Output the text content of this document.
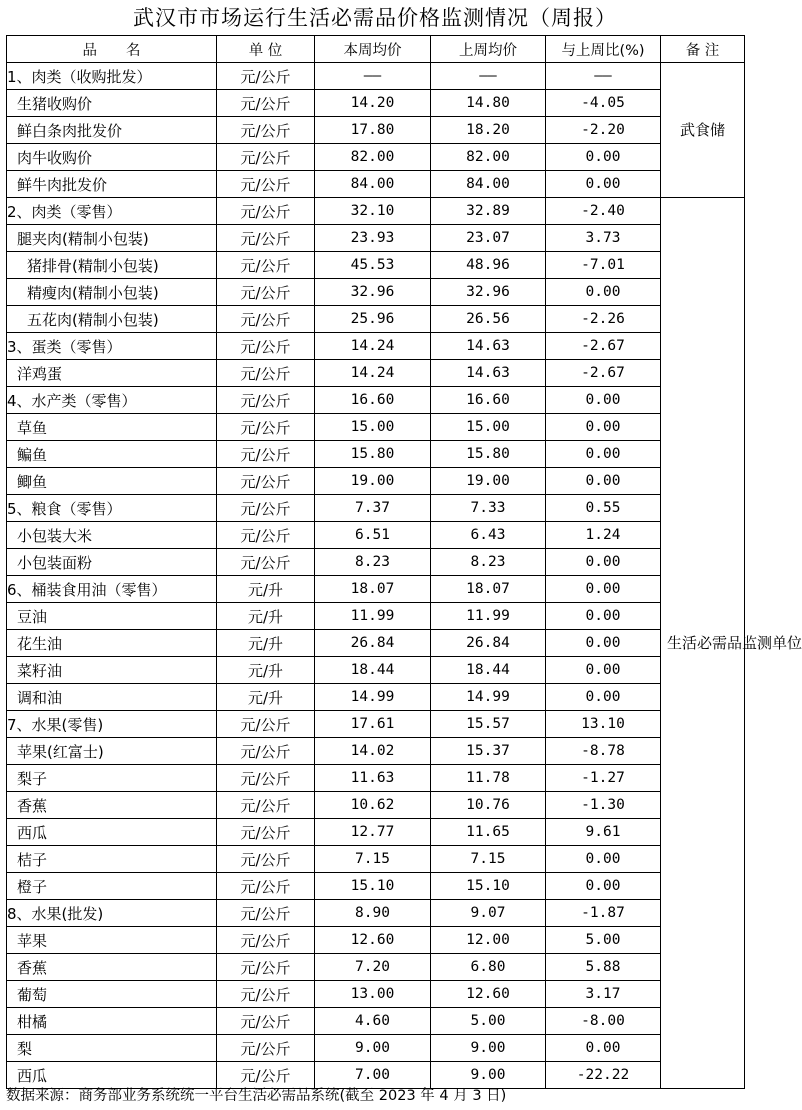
武汉市市场运行生活必需品价格监测情况（周报）
品　　名	单 位	本周均价	上周均价	与上周比(%)	备 注
1、肉类（收购批发）	元/公斤	——	——	——	武食储
生猪收购价	元/公斤	14.20	14.80	-4.05	
鲜白条肉批发价	元/公斤	17.80	18.20	-2.20	
肉牛收购价	元/公斤	82.00	82.00	0.00	
鲜牛肉批发价	元/公斤	84.00	84.00	0.00	
2、肉类（零售）	元/公斤	32.10	32.89	-2.40	生活必需品监测单位
腿夹肉(精制小包装)	元/公斤	23.93	23.07	3.73	
猪排骨(精制小包装)	元/公斤	45.53	48.96	-7.01	
精瘦肉(精制小包装)	元/公斤	32.96	32.96	0.00	
五花肉(精制小包装)	元/公斤	25.96	26.56	-2.26	
3、蛋类（零售）	元/公斤	14.24	14.63	-2.67	
洋鸡蛋	元/公斤	14.24	14.63	-2.67	
4、水产类（零售）	元/公斤	16.60	16.60	0.00	
草鱼	元/公斤	15.00	15.00	0.00	
鳊鱼	元/公斤	15.80	15.80	0.00	
鲫鱼	元/公斤	19.00	19.00	0.00	
5、粮食（零售）	元/公斤	7.37	7.33	0.55	
小包装大米	元/公斤	6.51	6.43	1.24	
小包装面粉	元/公斤	8.23	8.23	0.00	
6、桶装食用油（零售）	元/升	18.07	18.07	0.00	
豆油	元/升	11.99	11.99	0.00	
花生油	元/升	26.84	26.84	0.00	
菜籽油	元/升	18.44	18.44	0.00	
调和油	元/升	14.99	14.99	0.00	
7、水果(零售)	元/公斤	17.61	15.57	13.10	
苹果(红富士)	元/公斤	14.02	15.37	-8.78	
梨子	元/公斤	11.63	11.78	-1.27	
香蕉	元/公斤	10.62	10.76	-1.30	
西瓜	元/公斤	12.77	11.65	9.61	
桔子	元/公斤	7.15	7.15	0.00	
橙子	元/公斤	15.10	15.10	0.00	
8、水果(批发)	元/公斤	8.90	9.07	-1.87	
苹果	元/公斤	12.60	12.00	5.00	
香蕉	元/公斤	7.20	6.80	5.88	
葡萄	元/公斤	13.00	12.60	3.17	
柑橘	元/公斤	4.60	5.00	-8.00	
梨	元/公斤	9.00	9.00	0.00	
西瓜	元/公斤	7.00	9.00	-22.22	
数据来源：商务部业务系统统一平台生活必需品系统(截至 2023 年 4 月 3 日)
